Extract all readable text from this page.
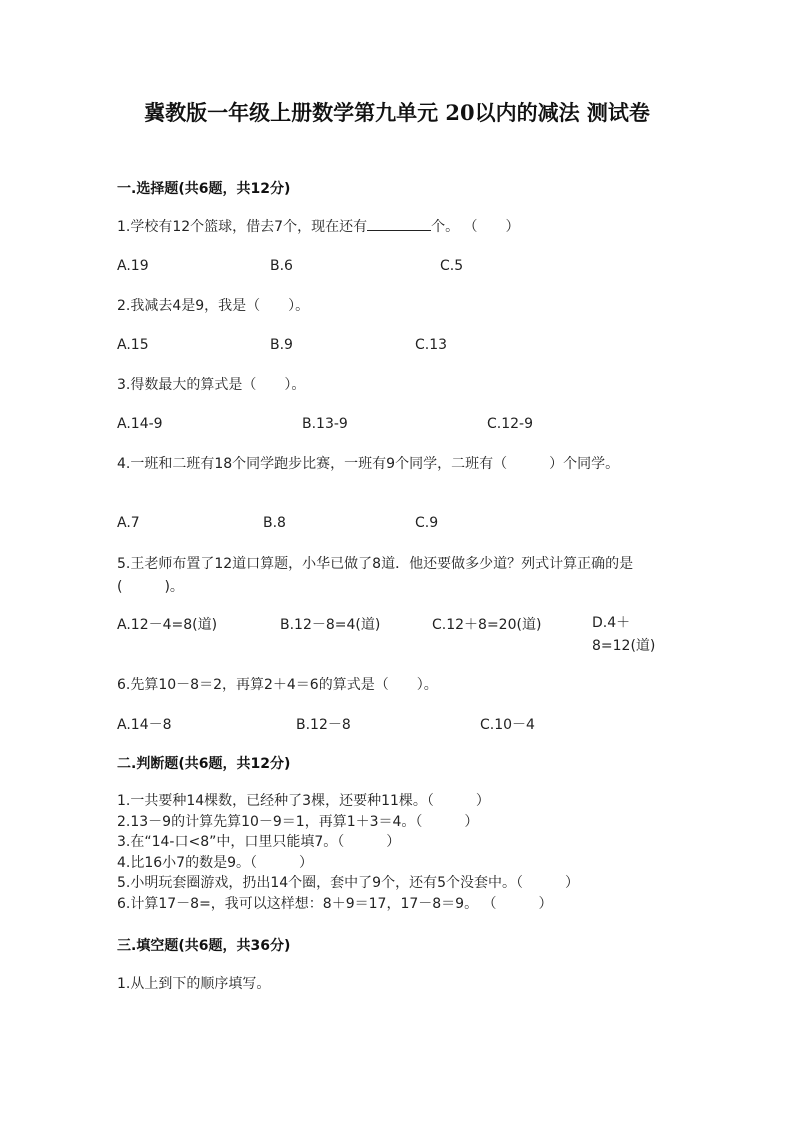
冀教版一年级上册数学第九单元 20以内的减法 测试卷
一.选择题(共6题，共12分)
1.学校有12个篮球，借去7个，现在还有	个。 （　　）
A.19	B.6	C.5
2.我减去4是9，我是（　　）。
A.15	B.9	C.13
3.得数最大的算式是（　　）。
A.14-9	B.13-9	C.12-9
4.一班和二班有18个同学跑步比赛，一班有9个同学，二班有（　　　）个同学。
A.7	B.8	C.9
5.王老师布置了12道口算题，小华已做了8道．他还要做多少道？列式计算正确的是(　　　)。
A.12－4=8(道)	B.12－8=4(道)	C.12＋8=20(道)	D.4＋8=12(道)
6.先算10－8＝2，再算2＋4＝6的算式是（　　）。
A.14－8	B.12－8	C.10－4
二.判断题(共6题，共12分)
1.一共要种14棵数，已经种了3棵，还要种11棵。（　　　）
2.13－9的计算先算10－9＝1，再算1＋3＝4。（　　　）
3.在“14-口<8”中，口里只能填7。（　　　）
4.比16小7的数是9。（　　　）
5.小明玩套圈游戏，扔出14个圈，套中了9个，还有5个没套中。（　　　）
6.计算17－8=，我可以这样想：8＋9＝17，17－8＝9。 （　　　）
三.填空题(共6题，共36分)
1.从上到下的顺序填写。
